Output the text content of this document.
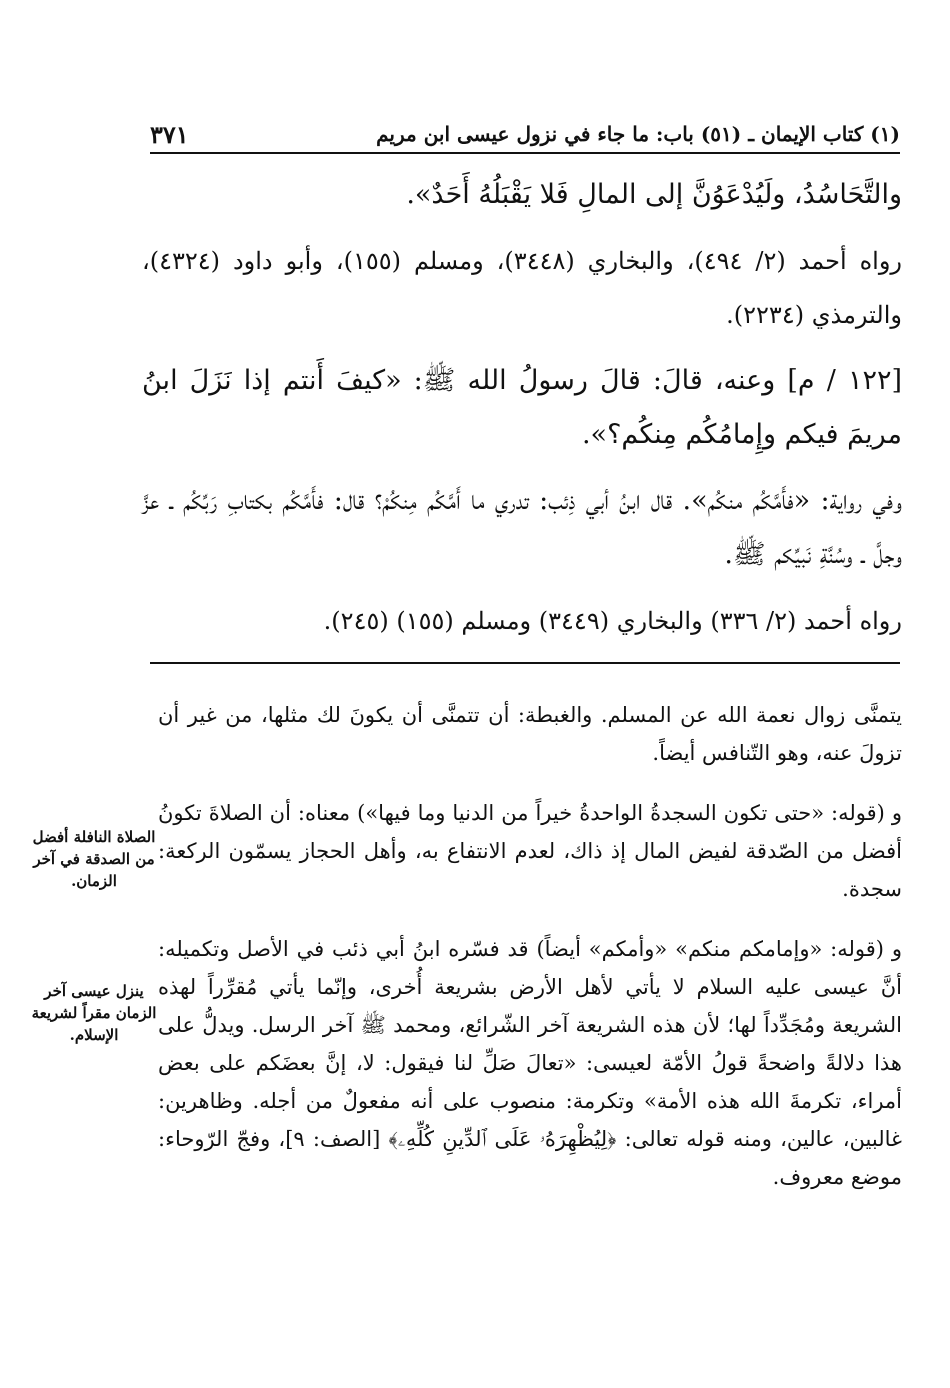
(١) كتاب الإيمان ـ (٥١) باب: ما جاء في نزول عيسى ابن مريم
٣٧١

والتَّحَاسُدُ، ولَيُدْعَوُنَّ إلى المالِ فَلا يَقْبَلُهُ أَحَدٌ».

رواه أحمد (٢/ ٤٩٤)، والبخاري (٣٤٤٨)، ومسلم (١٥٥)، وأبو داود (٤٣٢٤)، والترمذي (٢٢٣٤).

[١٢٢ / م] وعنه، قالَ: قالَ رسولُ الله ﷺ: «كيفَ أَنتم إذا نَزَلَ ابنُ مريمَ فيكم وإِمامُكُم مِنكُم؟».

وفي رواية: «فأَمَّكُم منكُم». قال ابنُ أبي ذِئب: تدري ما أَمَّكُم مِنكُمْ؟ قال: فأَمَّكُم بكتابِ رَبِّكُم ـ عزَّ وجلَّ ـ وسُنَّةِ نَبيِّكم ﷺ.

رواه أحمد (٢/ ٣٣٦) والبخاري (٣٤٤٩) ومسلم (١٥٥) (٢٤٥).

يتمنَّى زوال نعمة الله عن المسلم. والغبطة: أن تتمنَّى أن يكونَ لك مثلها، من غير أن تزولَ عنه، وهو التّنافس أيضاً.

و (قوله: «حتى تكون السجدةُ الواحدةُ خيراً من الدنيا وما فيها») معناه: أن الصلاةَ تكونُ أفضل من الصّدقة لفيض المال إذ ذاك، لعدم الانتفاع به، وأهل الحجاز يسمّون الركعة: سجدة.

و (قوله: «وإمامكم منكم» «وأمكم» أيضاً) قد فسّره ابنُ أبي ذئب في الأصل وتكميله: أنَّ عيسى عليه السلام لا يأتي لأهل الأرض بشريعة أُخرى، وإنّما يأتي مُقرِّراً لهذه الشريعة ومُجَدِّداً لها؛ لأن هذه الشريعة آخر الشّرائع، ومحمد ﷺ آخر الرسل. ويدلُّ على هذا دلالةً واضحةً قولُ الأمّة لعيسى: «تعالَ صَلِّ لنا فيقول: لا، إنَّ بعضَكم على بعض أمراء، تكرمةَ الله هذه الأمة» وتكرمة: منصوب على أنه مفعولٌ من أجله. وظاهرين: غالبين، عالين، ومنه قوله تعالى: ﴿لِيُظْهِرَهُۥ عَلَى ٱلدِّينِ كُلِّهِۦ﴾ [الصف: ٩]، وفجّ الرّوحاء: موضع معروف.

الصلاة النافلة أفضل من الصدقة في آخر الزمان.
ينزل عيسى آخر الزمان مقراً لشريعة الإسلام.
